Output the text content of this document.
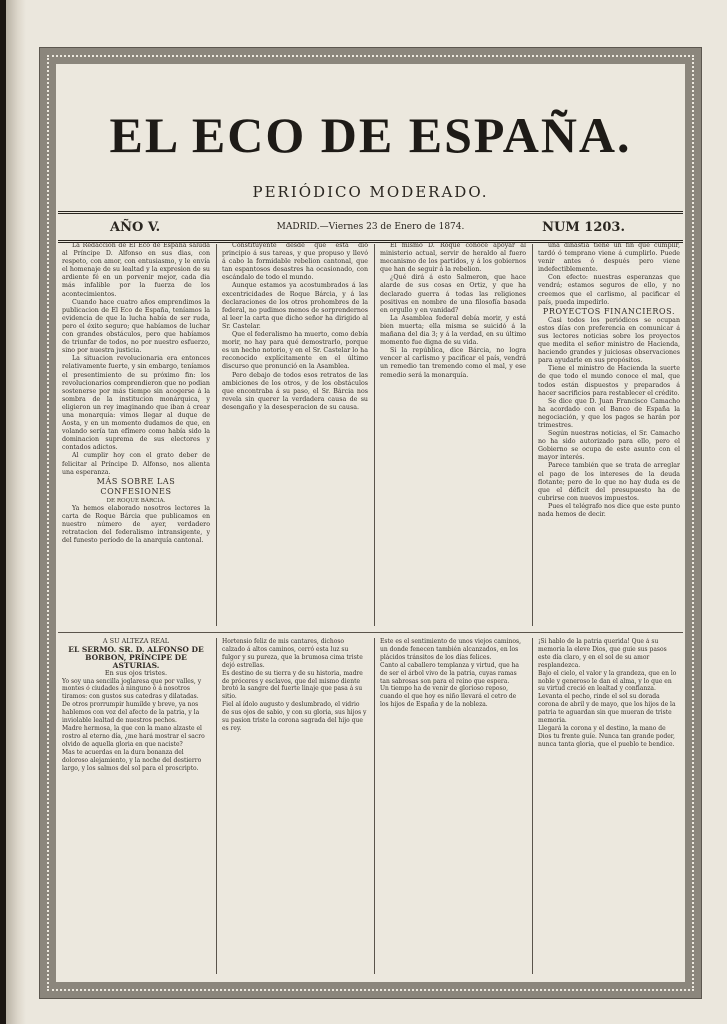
EL ECO DE ESPAÑA.
PERIÓDICO MODERADO.
AÑO V.	MADRID.—Viernes 23 de Enero de 1874.	NUM 1203.

La Redaccion de El Eco de España saluda al Príncipe D. Alfonso en sus dias, con respeto, con amor, con entusiasmo, y le envía el homenaje de su lealtad y la expresion de su ardiente fé en un porvenir mejor, cada dia más infalible por la fuerza de los acontecimientos.

Cuando hace cuatro años emprendimos la publicacion de El Eco de España, teníamos la evidencia de que la lucha había de ser ruda, pero el éxito seguro; que habíamos de luchar con grandes obstáculos, pero que habíamos de triunfar de todos, no por nuestro esfuerzo, sino por nuestra justicia.

La situacion revolucionaria era entonces relativamente fuerte, y sin embargo, teníamos el presentimiento de su próximo fin: los revolucionarios comprendieron que no podian sostenerse por más tiempo sin acogerse á la sombra de la institucion monárquica, y eligieron un rey imaginando que iban á crear una monarquía: vimos llegar al duque de Aosta, y en un momento dudamos de que, en volando sería tan efímero como había sido la dominacion suprema de sus electores y contados adictos.

Al cumplir hoy con el grato deber de felicitar al Príncipe D. Alfonso, nos alienta una esperanza.

MÁS SOBRE LAS CONFESIONES

DE ROQUE BÁRCIA.

Ya hemos elaborado nosotros lectores la carta de Roque Bárcia que publicamos en nuestro número de ayer, verdadero retratacion del federalismo intransigente, y del funesto período de la anarquía cantonal.

Constituyente desde que esta dió principio á sus tareas, y que propuso y llevó á cabo la formidable rebelion cantonal, que tan espantosos desastres ha ocasionado, con escándalo de todo el mundo.

Aunque estamos ya acostumbrados á las excentricidades de Roque Bárcia, y á las declaraciones de los otros prohombres de la federal, no pudimos menos de sorprendernos al leer la carta que dicho señor ha dirigido al Sr. Castelar.

Que el federalismo ha muerto, como debía morir, no hay para qué demostrarlo, porque es un hecho notorio, y en el Sr. Castelar lo ha reconocido explícitamente en el último discurso que pronunció en la Asamblea.

Pero debajo de todos esos retratos de las ambiciones de los otros, y de los obstáculos que encontraba á su paso, el Sr. Bárcia nos revela sin querer la verdadera causa de su desengaño y la desesperacion de su causa.

El mismo D. Roque cónoce apoyar al ministerio actual, servir de heraldo al fuero mecanismo de los partidos, y á los gobiernos que han de seguir á la rebelion.

¿Qué dirá á esto Salmeron, que hace alarde de sus cosas en Ortiz, y que ha declarado guerra á todas las religiones positivas en nombre de una filosofía basada en orgullo y en vanidad?

La Asamblea federal debía morir, y está bien muerta; ella misma se suicidó á la mañana del dia 3; y á la verdad, en su último momento fue digna de su vida.

Si la república, dice Bárcia, no logra vencer al carlismo y pacificar el país, vendrá un remedio tan tremendo como el mal, y ese remedio será la monarquía.

una dinastía tiene un fin que cumplir, tardó ó temprano viene á cumplirlo. Puede venir antes ó después pero viene indefectiblemente.

Con efecto: nuestras esperanzas que vendrá; estamos seguros de ello, y no creemos que el carlismo, al pacificar el país, pueda impedirlo.

PROYECTOS FINANCIEROS.

Casi todos los periódicos se ocupan estos días con preferencia en comunicar á sus lectores noticias sobre los proyectos que medita el señor ministro de Hacienda, haciendo grandes y juiciosas observaciones para ayudarle en sus propósitos.

Tiene el ministro de Hacienda la suerte de que todo el mundo conoce el mal, que todos están dispuestos y preparados á hacer sacrificios para restablecer el crédito.

Se dice que D. Juan Francisco Camacho ha acordado con el Banco de España la negociación, y que los pagos se harán por trimestres.

Según nuestras noticias, el Sr. Camacho no ha sido autorizado para ello, pero el Gobierno se ocupa de este asunto con el mayor interés.

Parece también que se trata de arreglar el pago de los intereses de la deuda flotante; pero de lo que no hay duda es de que el déficit del presupuesto ha de cubrirse con nuevos impuestos.

Pues el telégrafo nos dice que este punto nada hemos de decir.

Á SU ALTEZA REAL

EL SERMO. SR. D. ALFONSO DE BORBON, PRÍNCIPE DE ASTURIAS.

En sus ojos tristes.

Yo soy una sencilla joglaresa que por valles, y montes ó ciudades á ninguno ó á nosotros tiramos: con gustos sus catedras y dilatadas.

De otros prorrumpir humilde y breve, ya nos hablemos con voz del afecto de la patria, y la inviolable lealtad de nuestros pechos.

Madre hermosa, la que con la mano alzaste el rostro al eterno día, ¿me hará mostrar el sacro olvido de aquella gloria en que naciste?

Mas te acuerdas en la dura bonanza del doloroso alejamiento, y la noche del destierro largo, y los salmos del sol para el proscripto.

Hortensio feliz de mis cantares, dichoso calzado á altos caminos, cerró esta luz su fulgor y su pureza, que la brumosa cima triste dejó estrellas.

Es destino de su tierra y de su historia, madre de próceres y esclavos, que del mismo diente brotó la sangre del fuerte linaje que pasa á su sitio.

Fiel al ídolo augusto y deslumbrado, el vidrio de sus ojos de sabio, y con su gloria, sus hijos y su pasion triste la corona sagrada del hijo que es rey.

Este es el sentimiento de unos viejos caminos, un donde fenecen también alcanzados, en los plácidos tránsitos de los días felices.

Canto al caballero templanza y virtud, que ha de ser el árbol vivo de la patria, cuyas ramas tan sabrosas son para el reino que espera.

Un tiempo ha de venir de glorioso reposo, cuando el que hoy es niño llevará el cetro de los hijos de España y de la nobleza.

¡Si hablo de la patria querida! Que á su memoria la eleve Dios, que guie sus pasos este día claro, y en el sol de su amor resplandezca.

Bajo el cielo, el valor y la grandeza, que en lo noble y generoso le dan el alma, y lo que en su virtud creció en lealtad y confianza.

Levanta el pecho, rinde el sol su dorada corona de abril y de mayo, que los hijos de la patria te aguardan sin que mueran de triste memoria.

Llegará la corona y el destino, la mano de Dios tu frente guíe. Nunca tan grande poder, nunca tanta gloria, que el pueblo te bendice.
